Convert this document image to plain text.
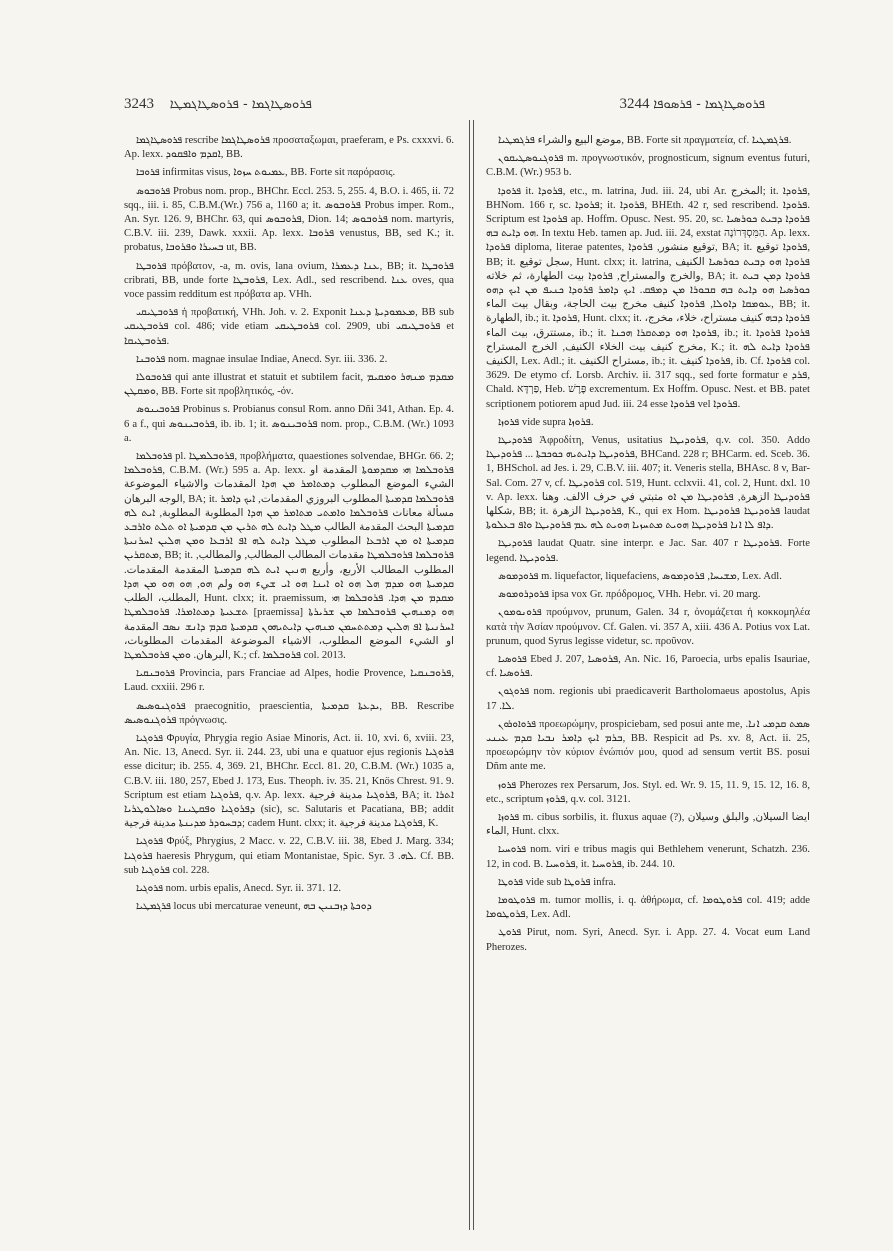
3243 ܦܪܘܣܛܐܓܡܐ - ܦܪܘܣܛܐܓܡܛܐ	ܦܪܘܣܛܐܓܡܐ - ܦܪܣܘܦܐ 3244
ܦܪܘܣܛܐܓܡܐ rescribe ܦܪܘܣܛܐܓܡܐ προσαταξωμαι, praeferam, e Ps. cxxxvi. 6. Ap. lexx. ܐܩܕܡ ܘܐܦܩܘܕ, BB.
ܦܪܘܒܐ infirmitas visus, ܥܡܝܘܬ ܚܙܘܐ, BB. Forte sit παρόρασις.
ܦܪܘܒܘܣ Probus nom. prop., BHChr. Eccl. 253. 5, 255. 4, B.O. i. 465, ii. 72 sqq., iii. i. 85, C.B.M.(Wr.) 756 a, 1160 a; it. ܦܪܘܒܘܣ Probus imper. Rom., An. Syr. 126. 9, BHChr. 63, qui ܦܪܘܒܘܣ, Dion. 14; ܦܪܘܒܘܣ nom. martyris, C.B.V. iii. 239, Dawk. xxxii. Ap. lexx. ܦܪܘܒܐ venustus, BB, sed K.; it. probatus, ܒܚܝܪܐ ܘܦܪܘܒܐ ut, BB.
ܦܪܘܒܛܐ πρόβατον, -a, m. ovis, lana ovium, ܥܢܐ ܕܥܡܪܐ, BB; it. ܦܪܘܒܛܐ cribrati, BB, unde forte ܦܪܘܒܛܐ, Lex. Adl., sed rescribend. ܥܢܐ oves, qua voce passim redditum est πρόβατα ap. VHh.
ܦܪܘܒܛܝܩܝ ἡ προβατική, VHh. Joh. v. 2. Exponit ܡܥܡܘܕܝܬܐ ܕܥܢܐ, BB sub ܦܪܘܒܛܝܩܝ col. 486; vide etiam ܦܪܘܒܛܝܩܝ col. 2909, ubi ܦܪܘܒܛܝܩܝ et ܦܪܘܒܛܝܩܐ.
ܦܪܘܒܢܐ nom. magnae insulae Indiae, Anecd. Syr. iii. 336. 2.
ܦܪܘܒܘܠܐ qui ante illustrat et statuit et subtilem facit, ܡܩܕܡ ܡܢܗܪ ܘܡܩܝܡ ܘܡܩܛܢ, BB. Forte sit προβλητικός, -όν.
ܦܪܘܒܝܢܘܣ Probinus s. Probianus consul Rom. anno Dñi 341, Athan. Ep. 4. 6 a f., qui ܦܪܘܒܝܢܘܣ, ib. ib. 1; it. ܦܪܘܒܝܢܘܣ nom. prop., C.B.M. (Wr.) 1093 a.
ܦܪܘܒܠܡܐ pl. ܦܪܘܒܠܡܛܐ, προβλήματα, quaestiones solvendae, BHGr. 66. 2; ܦܪܘܒܠܡܐ, C.B.M. (Wr.) 595 a. Ap. lexx. ܦܪܘܒܠܡܐ ܗܝ ܡܩܕܡܘܬܐ المقدمة او الشيء الموضع المطلوب ܕܡܬܐܡܪ ܡܢ ܗܕܐ المقدمات والاشياء الموضوعة الوجه البرهان, BA; it. ܦܪܘܒܠܡܐ ܩܕܡܝܬܐ المطلوب البروزي المقدمات, ܐܝܟ ܕܐܡܪ مسألة معانات ܦܪܘܒܠܡܐ ܘܐܡܬܝ ܡܬܐܡܪ ܡܢ ܗܕܐ المطلوبة المطلوبة, ܐܝܬ ܠܗ ܩܕܡܝܬܐ البحث المقدمة الطالب ܡܛܠ ܕܐܝܬ ܠܗ ܬܪܝܢ ܡܢ ܩܕܡܝܬܐ ܐܘ ܬܠܬ ܘܐܪܒܥ ܩܕܡܝܬܐ ܐܘ ܡܢ ܐܪܒܥܐ المطلوب ܡܛܠ ܕܐܝܬ ܠܗ ܐܦ ܐܪܒܥܐ ܘܡܢ ܗܠܝܢ ܐܚܪܢܝܬܐ ܡܬܩܪܝܢ, BB; it. ܦܪܘܒܠܡܐ ܦܪܘܒܠܡܛܐ مقدمات المطالب المطالب, والمطالب, المطلوب المطالب الأربع، وأربع ܗܢܝܢ ܐܝܬ ܠܗ ܩܕܡܝܬܐ المقدمة المقدمات. ܩܕܡܝܬܐ ܗܘ ܡܕܡ ܗܠ ܗܘ ܐܘ ܐܝܢܐ ܗܘ ܐܝ ܫيء ܗܘ ولم ܗܘ, ܗܘ ܗܘ ܡܢ ܗܕܐ المطلب، الطلب, Hunt. clxx; it. praemissum, ܡܩܕܡ ܡܢ ܗܕܐ. ܦܪܘܒܠܡܐ ܗܝ ܬܫܥܝܬܐ ܕܡܬܐܡܪܐ. ܦܪܘܒܠܡܛܐ [praemissa] ܗܘ ܕܡܢܗܝܢ ܦܪܘܒܠܡܐ ܡܢ ܫܪܝܪܬܐ ܐܚܪܢܝܬܐ ܐܦ ܗܠܝܢ ܕܡܬܬܚܡܢ ܡܢܗܝܢ ܕܐܝܬܝܗܘܢ ܩܕܡܝܬܐ ܩܕܡ ܕܐܢܫ ܢܣܒ المقدمة او الشيء الموضع المطلوب، الاشياء الموضوعة المقدمات المطلوبات، البرهان. ܘܡܢ ܦܪܘܒܠܡܛܐ, K.; cf. ܦܪܘܒܠܡܐ col. 2013.
ܦܪܘܒܢܩܝܐ Provincia, pars Franciae ad Alpes, hodie Provence, ܦܪܘܒܢܩܝܐ, Laud. cxxiii. 296 r.
ܦܪܘܓܢܘܣܝܣ praecognitio, praescientia, ܝܕܥܬܐ ܩܕܡܝܬܐ, BB. Rescribe ܦܪܘܓܢܘܣܝܣ πρόγνωσις.
ܦܪܘܓܝܐ Φρυγία, Phrygia regio Asiae Minoris, Act. ii. 10, xvi. 6, xviii. 23, An. Nic. 13, Anecd. Syr. ii. 244. 23, ubi una e quatuor ejus regionis ܦܪܘܓܝܐ esse dicitur; ib. 255. 4, 369. 21, BHChr. Eccl. 81. 20, C.B.M. (Wr.) 1035 a, C.B.V. iii. 180, 257, Ebed J. 173, Eus. Theoph. iv. 35. 21, Knös Chrest. 91. 9. Scriptum est etiam ܦܪܘܓܝܐ, q.v. Ap. lexx. ܦܪܘܓܝܐ مدينة فرجية, BA; it. ܐܬܪܐ ܕܦܪܘܓܝܐ ܘܦܩܛܝܢܐ ܘܣܐܠܘܛܪܝܐ (sic), sc. Salutaris et Pacatiana, BB; addit ܕܒܚܘܕܪ ܡܕܝܢܬܐ مدينة فرجية; cadem Hunt. clxx; it. ܦܪܘܓܝܐ مدينة فرجية, K.
ܦܪܘܓܝܐ Φρύξ, Phrygius, 2 Macc. v. 22, C.B.V. iii. 38, Ebed J. Marg. 334; ܦܪܘܓܝܐ haeresis Phrygum, qui etiam Montanistae, Spic. Syr. ܠܗ. 3. Cf. BB. sub ܦܪܘܓܝܐ col. 228.
ܦܪܘܓܝܐ nom. urbis epalis, Anecd. Syr. ii. 371. 12.
ܦܪܓܡܛܝܐ locus ubi mercaturae veneunt, ܕܘܟܬܐ ܕܙܒܢܝܢ ܒܗ
موضع البيع والشراء ܦܪܓܡܛܝܐ, BB. Forte sit πραγματεία, cf. ܦܪܓܡܛܝܐ.
ܦܪܘܓܢܘܣܛܝܩܘܢ m. προγνωστικόν, prognosticum, signum eventus futuri, C.B.M. (Wr.) 953 b.
ܦܪܘܕܐ it. ܦܪܘܕܐ, etc., m. latrina, Jud. iii. 24, ubi Ar. المخرج; it. ܦܪܘܕܐ, BHNom. 166 r, sc. ܦܪܘܕܐ; it. ܦܪܘܕܐ, BHEth. 42 r, sed rescribend. ܦܪܘܕܐ. Scriptum est ܦܪܘܕܐ ap. Hoffm. Opusc. Nest. 95. 20, sc. ܦܪܘܕܐ ܕܒܝܬ ܟܘܪܣܝܐ ܗܘ ܕܐܝܬ ܒܗ. In textu Heb. tamen ap. Jud. iii. 24, exstat הַמִּסְדְּרוֹנָה. Ap. lexx. ܦܪܘܕܐ diploma, literae patentes, توقيع منشور, ܦܪܘܕܐ, BA; it. ܦܪܘܕܐ توقيع, BB; it. سجل توقيع, Hunt. clxx; it. latrina, ܦܪܘܕܐ ܗܘ ܕܒܝܬ ܟܘܪܣܝܐ الكنيف والخرج والمستراح, ܦܪܘܕܐ بيت الطهارة، ثم خلاته, BA; it. ܦܪܘܕܐ ܕܡܢ ܒܝܬ ܟܘܪܣܝܐ ܗܘ ܕܐܝܬ ܒܗ ܩܒܘܪܐ ܡܢ ܕܡܦܩ. ܐܝܟ ܕܐܡܪ ܦܪܘܕܐ ܟܢܝܦ ܡܢ ܐܝܟ ܕܗܘ ܥܘܡܩܐ ܕܐܘܠܐ, ܦܪܘܕܐ كنيف مخرج بيت الحاجة، وبقال بيت الماء, BB; it. الطهارة, ib.; it. ܦܪܘܕܐ, Hunt. clxx; it. ܦܪܘܕܐ ܕܒܗ كنيف مستراح، خلاء، مخرج، مستترق، بيت الماء, ib.; it. ܦܪܘܕܐ ܗܘ ܕܡܬܩܪܐ ܗܟܢܐ, ib.; it. ܦܪܘܕܐ ܦܪܘܕܐ مخرج كنيف بيت الخلاء الكنيف, الخرج المستراح, K.; it. ܦܪܘܕܐ ܕܐܝܬ ܠܗ الكنيف, Lex. Adl.; it. مستراح الكنيف, ib.; it. ܦܪܘܕܐ كنيف, ib. Cf. ܦܪܘܕܐ col. 3629. De etymo cf. Lorsb. Archiv. ii. 317 sqq., sed forte formatur e ܦܪܕ, Chald. פַּרְדָּא, Heb. פֶּרֶשׁ excrementum. Ex Hoffm. Opusc. Nest. et BB. patet scriptionem potiorem apud Jud. iii. 24 esse ܦܪܘܕܐ vel ܦܪܘܕܐ.
ܦܪܘܙܐ vide supra ܦܪܘܙܐ.
ܦܪܘܕܝܛܐ Ἀφροδίτη, Venus, usitatius ܦܪܘܕܝܛܐ, q.v. col. 350. Addo ܦܪܘܕܝܛܐ ܕܐܝܬܝܗ ܟܘܟܒܬܐ ... ܦܪܘܕܝܛܐ, BHCand. 228 r; BHCarm. ed. Sceb. 36. 1, BHSchol. ad Jes. i. 29, C.B.V. iii. 407; it. Veneris stella, BHAsc. 8 v, Bar-Sal. Com. 27 v, cf. ܦܪܘܕܝܛܐ col. 519, Hunt. cclxvii. 41, col. 2, Hunt. dxl. 10 v. Ap. lexx. ܦܪܘܕܝܛܐ الزهرة, ܦܪܘܕܝܛܐ ܡܢ ܐܘ متبتي في حرف الالف. وهنا شكلها, BB; it. ܦܪܘܕܝܛܐ الزهرة, K., qui ex Hom. ܦܪܘܕܝܛܐ ܦܪܘܕܝܛܐ laudat ܕܐܦ ܠܐ ܐܢܐ ܦܪܘܕܝܛܐ ܗܘܝܬ ܡܬܚܙܝܐ ܗܘܝܬ ܠܗ ܥܡ ܦܪܘܕܝܛܐ ܘܐܦ ܒܥܠܘܬܐ.
ܦܪܘܕܝܛܐ laudat Quatr. sine interpr. e Jac. Sar. 407 r ܦܪܘܕܝܛܐ. Forte legend. ܦܪܘܕܝܛܐ.
ܦܪܘܕܡܘܣ m. liquefactor, liquefaciens, ܡܫܝܚܐ, ܦܪܘܕܡܘܣ, Lex. Adl.
ܦܪܘܕܪܘܡܘܣ ipsa vox Gr. πρόδρομος, VHh. Hebr. vi. 20 marg.
ܦܪܘܢܘܡܘܢ προύμνον, prunum, Galen. 34 r, ὀνομάζεται ἡ κοκκομηλέα κατὰ τὴν Ἀσίαν προύμνον. Cf. Galen. vi. 357 A, xiii. 436 A. Potius vox Lat. prunum, quod Syrus legisse videtur, sc. προῦνον.
ܦܪܘܣܝܐ Ebed J. 207, ܦܪܘܣܝܐ, An. Nic. 16, Paroecia, urbs epalis Isauriae, cf. ܦܪܘܣܝܐ.
ܦܪܘܓܘܢ nom. regionis ubi praedicaverit Bartholomaeus apostolus, Apis ܠܐ. 17.
ܦܪܘܐܘܪܘܢ προεωρώμην, prospiciebam, sed posui ante me, ܣܡܬ ܩܕܡܝ ܐܢܐ. ܒܪܡ ܐܝܟ ܕܐܡܪ ܢܒܝܐ ܩܕܡ ܥܝܢܝ, BB. Respicit ad Ps. xv. 8, Act. ii. 25, προεωρώμην τὸν κύριον ἐνώπιόν μου, quod ad sensum vertit BS. posui Dñm ante me.
ܦܪܘܙ Pherozes rex Persarum, Jos. Styl. ed. Wr. 9. 15, 11. 9, 15. 12, 16. 8, etc., scriptum ܦܪܘܙ, q.v. col. 3121.
ܦܪܘܙܐ m. cibus sorbilis, it. fluxus aquae (?), ایضا السیلان, والبلق وسیلان الماء, Hunt. clxx.
ܦܪܘܚܝܐ nom. viri e tribus magis qui Bethlehem venerunt, Schatzh. 236. 12, in cod. B. ܦܪܘܚܝܐ, it. ܦܪܘܚܝܐ, ib. 244. 10.
ܦܪܘܛܐ vide sub ܦܪܘܛܐ infra.
ܦܪܘܛܘܡܐ m. tumor mollis, i. q. ἀθήρωμα, cf. ܦܪܘܛܘܡܐ col. 419; adde ܦܪܘܛܘܡܐ, Lex. Adl.
ܦܪܘܛ Pirut, nom. Syri, Anecd. Syr. i. App. 27. 4. Vocat eum Land Pherozes.
